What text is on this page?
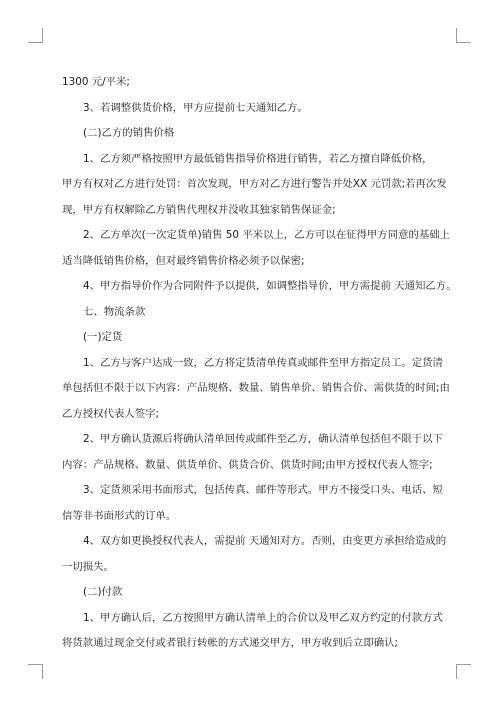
1300 元/平米;
3、若调整供货价格，甲方应提前七天通知乙方。
(二)乙方的销售价格
1、乙方须严格按照甲方最低销售指导价格进行销售，若乙方擅自降低价格，
甲方有权对乙方进行处罚：首次发现，甲方对乙方进行警告并处XX 元罚款;若再次发
现，甲方有权解除乙方销售代理权并没收其独家销售保证金;
2、乙方单次(一次定货单)销售 50 平米以上，乙方可以在征得甲方同意的基础上
适当降低销售价格，但对最终销售价格必须予以保密;
4、甲方指导价作为合同附件予以提供，如调整指导价，甲方需提前 天通知乙方。
七、物流条款
(一)定货
1、乙方与客户达成一致，乙方将定货清单传真或邮件至甲方指定员工。定货清
单包括但不限于以下内容：产品规格、数量、销售单价、销售合价、需供货的时间;由
乙方授权代表人签字;
2、甲方确认货源后将确认清单回传或邮件至乙方，确认清单包括但不限于以下
内容：产品规格、数量、供货单价、供货合价、供货时间;由甲方授权代表人签字;
3、定货须采用书面形式，包括传真、邮件等形式。甲方不接受口头、电话、短
信等非书面形式的订单。
4、双方如更换授权代表人，需提前 天通知对方。否则，由变更方承担给造成的
一切损失。
(二)付款
1、甲方确认后，乙方按照甲方确认清单上的合价以及甲乙双方约定的付款方式
将货款通过现金交付或者银行转帐的方式递交甲方，甲方收到后立即确认;
